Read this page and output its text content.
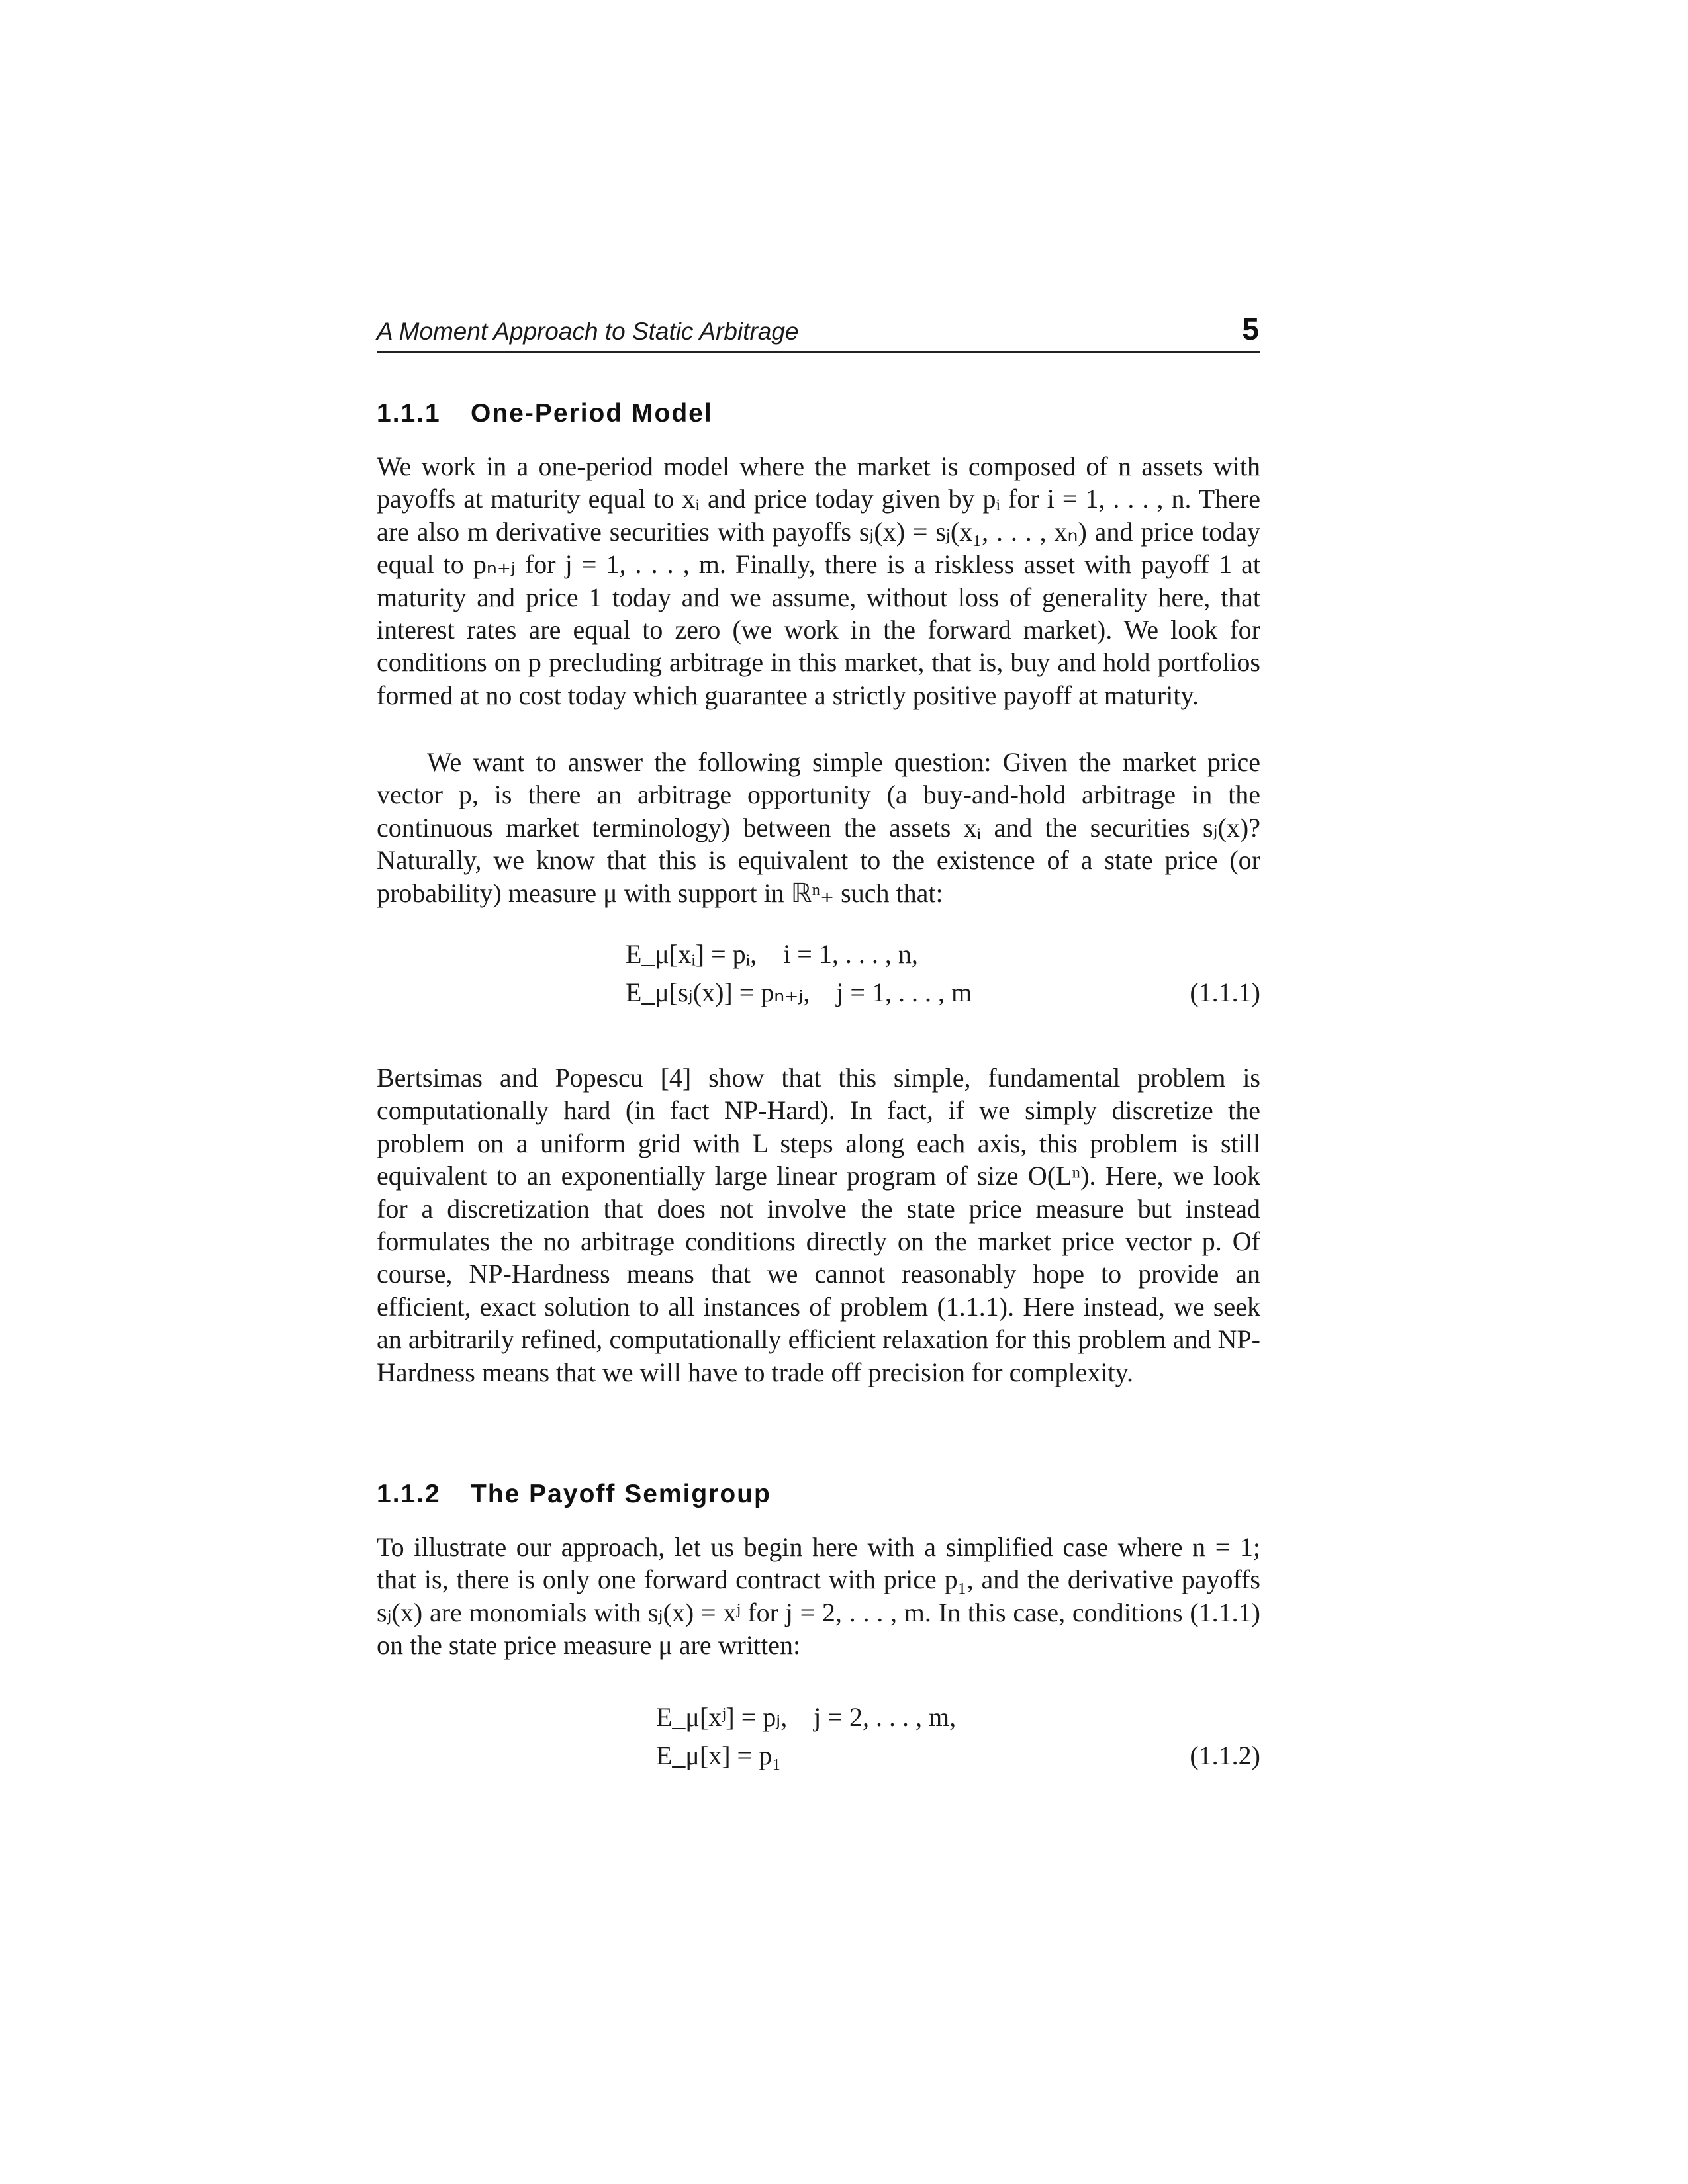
A Moment Approach to Static Arbitrage	5
1.1.1 One-Period Model

We work in a one-period model where the market is composed of n assets with payoffs at maturity equal to xᵢ and price today given by pᵢ for i = 1, . . . , n. There are also m derivative securities with payoffs sⱼ(x) = sⱼ(x₁, . . . , xₙ) and price today equal to pₙ₊ⱼ for j = 1, . . . , m. Finally, there is a riskless asset with payoff 1 at maturity and price 1 today and we assume, without loss of generality here, that interest rates are equal to zero (we work in the forward market). We look for conditions on p precluding arbitrage in this market, that is, buy and hold portfolios formed at no cost today which guarantee a strictly positive payoff at maturity.

We want to answer the following simple question: Given the market price vector p, is there an arbitrage opportunity (a buy-and-hold arbitrage in the continuous market terminology) between the assets xᵢ and the securities sⱼ(x)? Naturally, we know that this is equivalent to the existence of a state price (or probability) measure μ with support in ℝⁿ₊ such that:

E_μ[xᵢ] = pᵢ,    i = 1, . . . , n,
E_μ[sⱼ(x)] = pₙ₊ⱼ,    j = 1, . . . , m	(1.1.1)

Bertsimas and Popescu [4] show that this simple, fundamental problem is computationally hard (in fact NP-Hard). In fact, if we simply discretize the problem on a uniform grid with L steps along each axis, this problem is still equivalent to an exponentially large linear program of size O(Lⁿ). Here, we look for a discretization that does not involve the state price measure but instead formulates the no arbitrage conditions directly on the market price vector p. Of course, NP-Hardness means that we cannot reasonably hope to provide an efficient, exact solution to all instances of problem (1.1.1). Here instead, we seek an arbitrarily refined, computationally efficient relaxation for this problem and NP-Hardness means that we will have to trade off precision for complexity.

1.1.2 The Payoff Semigroup

To illustrate our approach, let us begin here with a simplified case where n = 1; that is, there is only one forward contract with price p₁, and the derivative payoffs sⱼ(x) are monomials with sⱼ(x) = xʲ for j = 2, . . . , m. In this case, conditions (1.1.1) on the state price measure μ are written:

E_μ[xʲ] = pⱼ,    j = 2, . . . , m,
E_μ[x] = p₁	(1.1.2)
